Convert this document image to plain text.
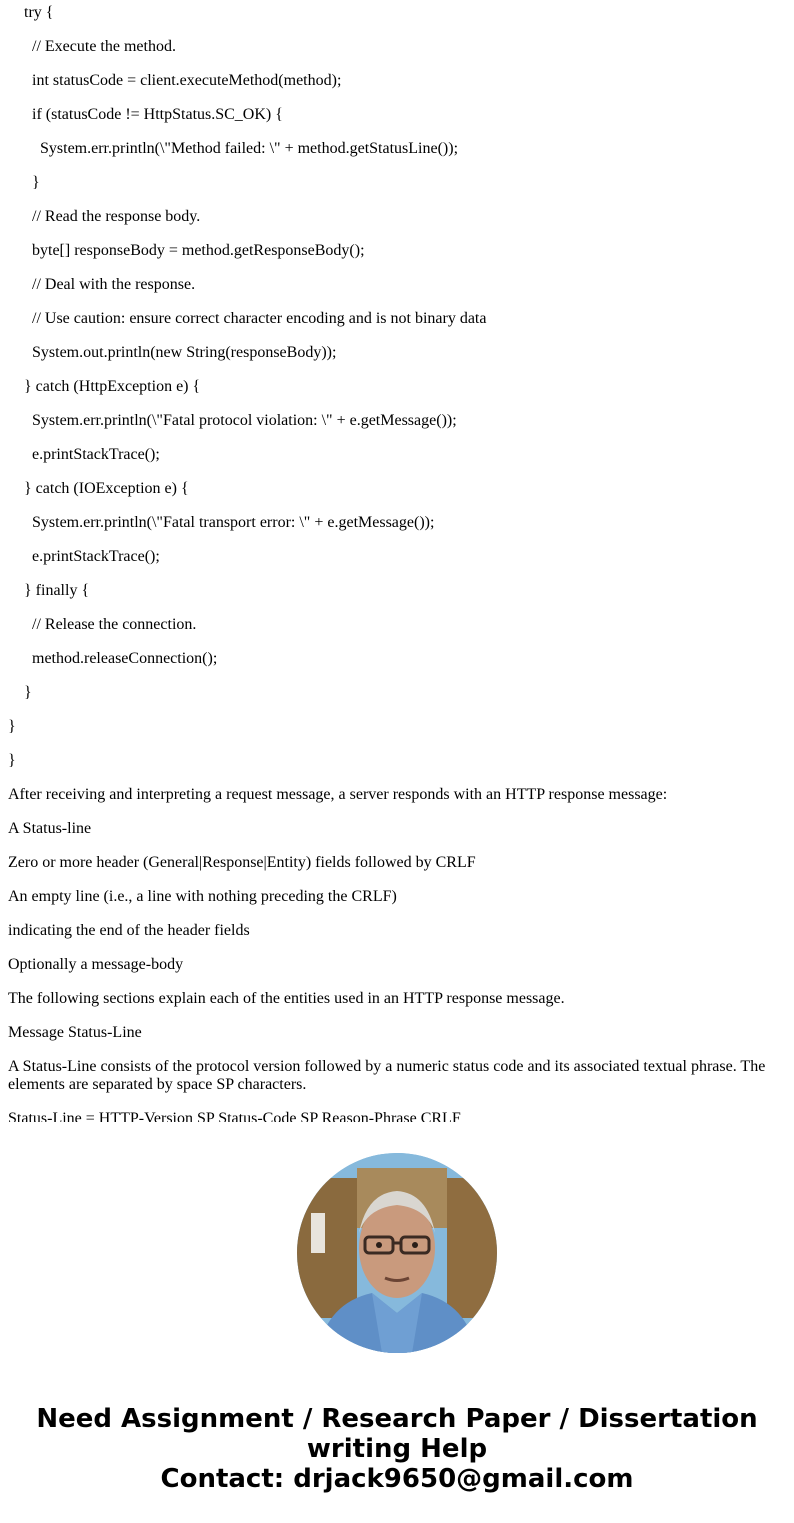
try {
// Execute the method.
int statusCode = client.executeMethod(method);
if (statusCode != HttpStatus.SC_OK) {
System.err.println(\"Method failed: \" + method.getStatusLine());
}
// Read the response body.
byte[] responseBody = method.getResponseBody();
// Deal with the response.
// Use caution: ensure correct character encoding and is not binary data
System.out.println(new String(responseBody));
} catch (HttpException e) {
System.err.println(\"Fatal protocol violation: \" + e.getMessage());
e.printStackTrace();
} catch (IOException e) {
System.err.println(\"Fatal transport error: \" + e.getMessage());
e.printStackTrace();
} finally {
// Release the connection.
method.releaseConnection();
}
}
}
After receiving and interpreting a request message, a server responds with an HTTP response message:
A Status-line
Zero or more header (General|Response|Entity) fields followed by CRLF
An empty line (i.e., a line with nothing preceding the CRLF)
indicating the end of the header fields
Optionally a message-body
The following sections explain each of the entities used in an HTTP response message.
Message Status-Line
A Status-Line consists of the protocol version followed by a numeric status code and its associated textual phrase. The elements are separated by space SP characters.
Status-Line = HTTP-Version SP Status-Code SP Reason-Phrase CRLF
Need Assignment / Research Paper / Dissertation writing Help
Contact: drjack9650@gmail.com
